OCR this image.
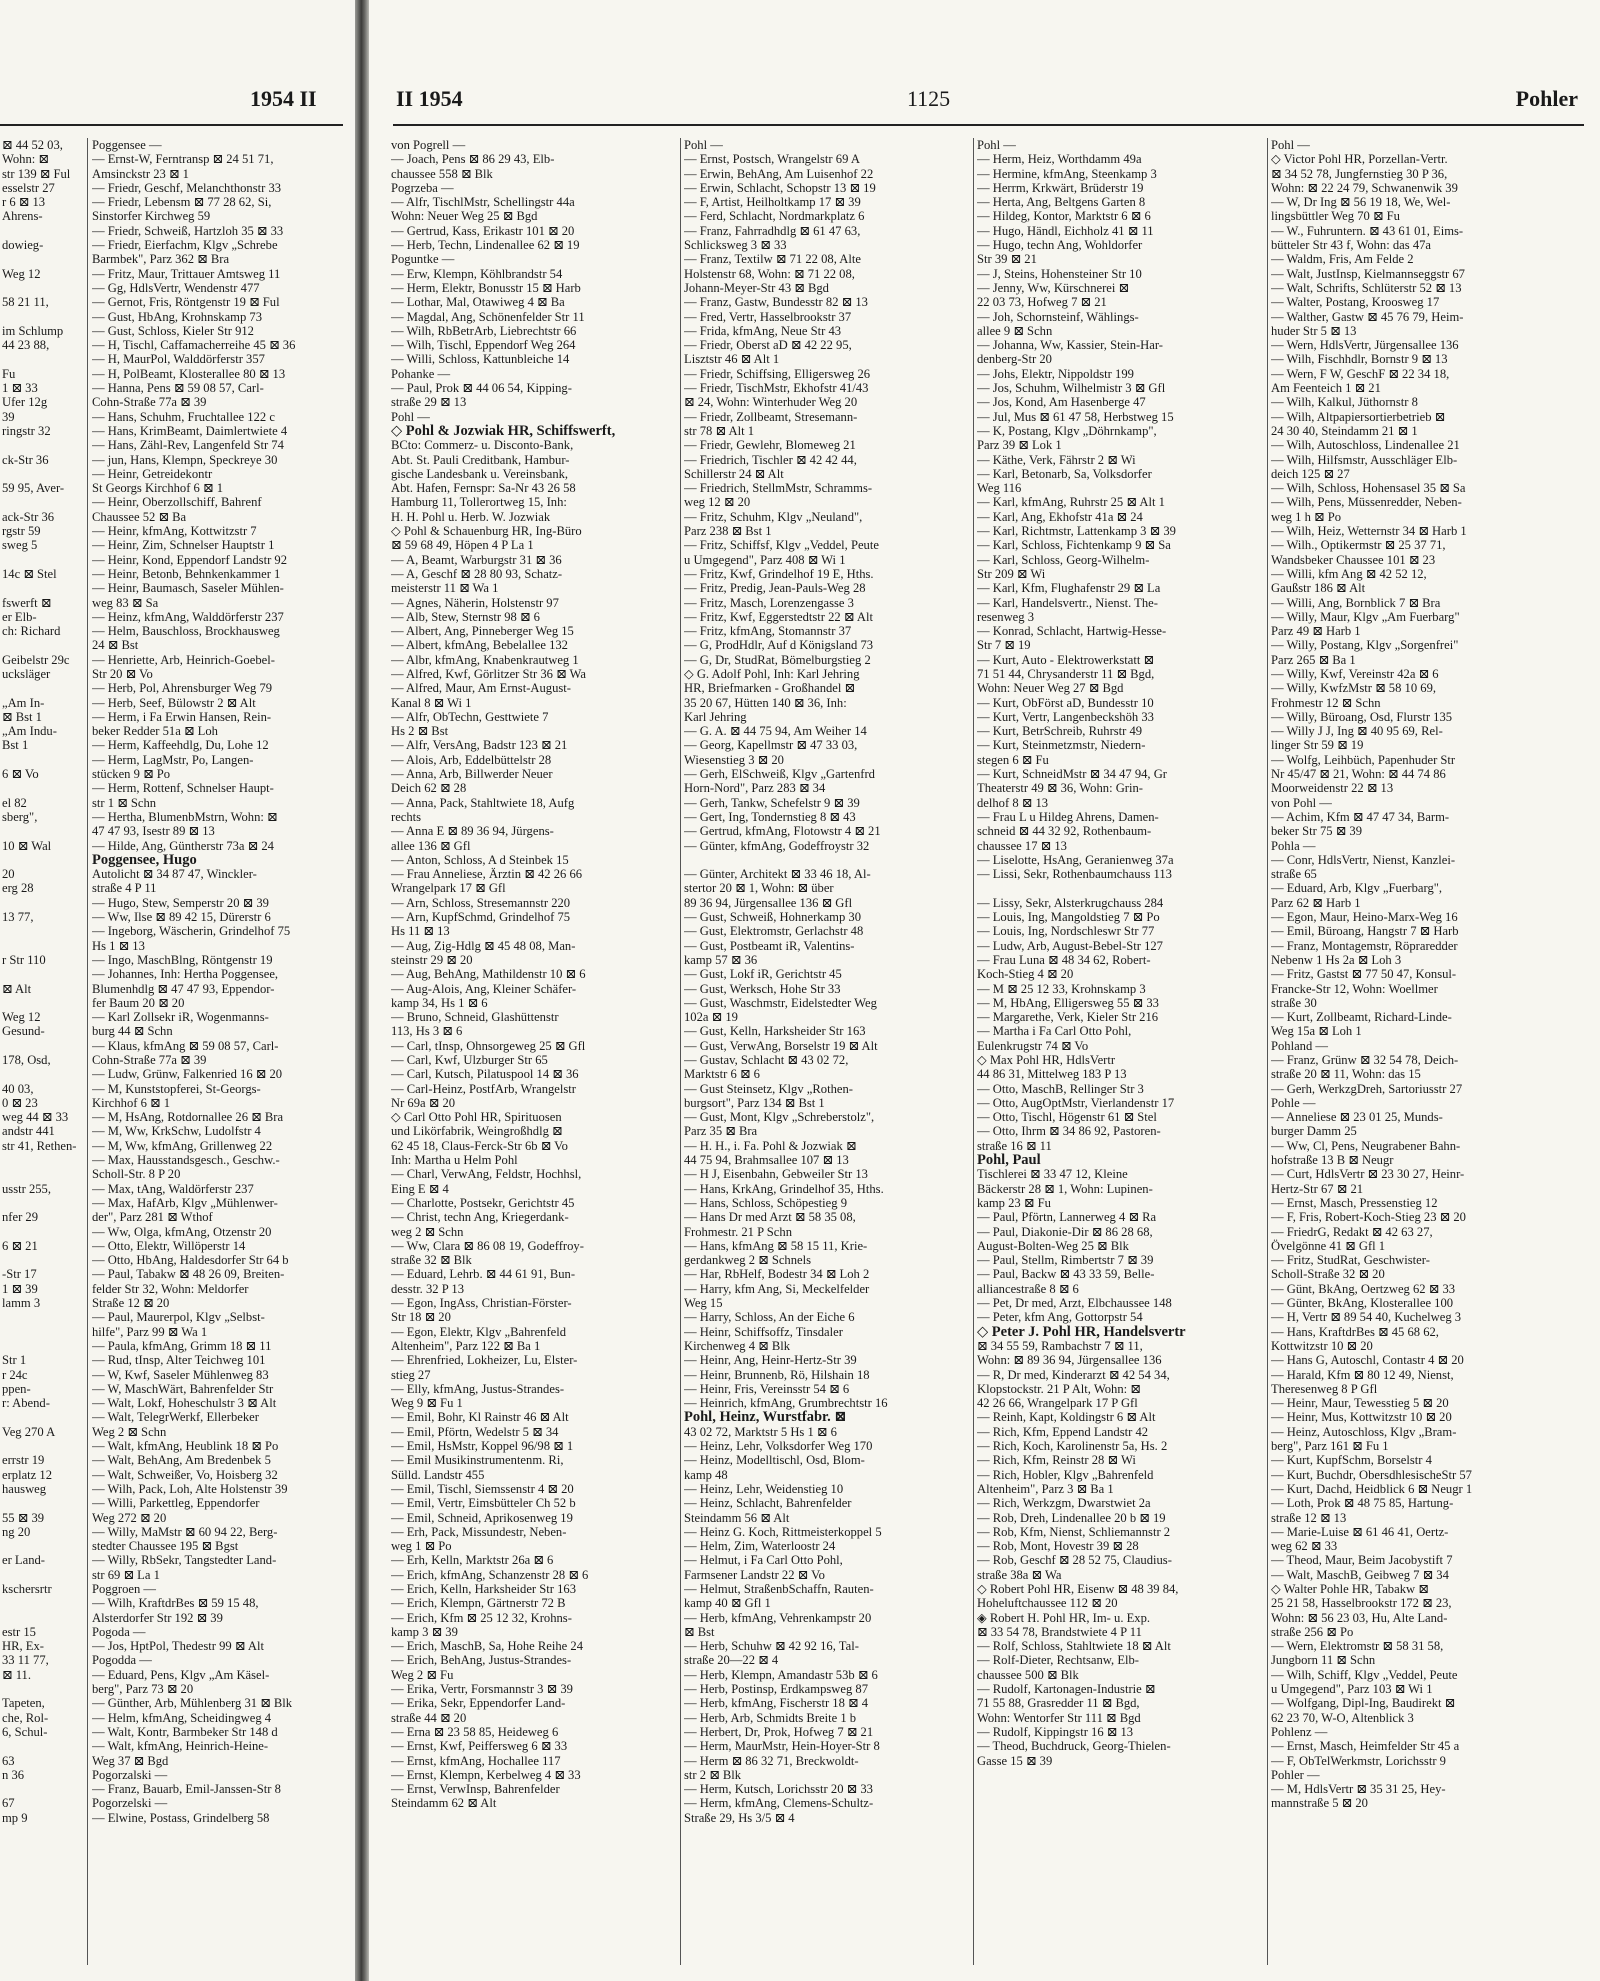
1954 II
⊠ 44 52 03,
Wohn: ⊠
str 139 ⊠ Ful
esselstr 27
r 6 ⊠ 13
Ahrens-

dowieg-

Weg 12

58 21 11,

im Schlump
44 23 88,

Fu
1 ⊠ 33
Ufer 12g
39
ringstr 32

ck-Str 36

59 95, Aver-

ack-Str 36
rgstr 59
sweg 5

14c ⊠ Stel

fswerft ⊠
er Elb-
ch: Richard

Geibelstr 29c
ucksläger

„Am In-
⊠ Bst 1
„Am Indu-
Bst 1

6 ⊠ Vo

el 82
sberg",

10 ⊠ Wal

20
erg 28

13 77,

r Str 110

⊠ Alt

Weg 12
Gesund-

178, Osd,

40 03,
0 ⊠ 23
weg 44 ⊠ 33
andstr 441
str 41, Rethen-

usstr 255,

nfer 29

6 ⊠ 21

-Str 17
1 ⊠ 39
lamm 3

Str 1
r 24c
ppen-
r: Abend-

Veg 270 A

errstr 19
erplatz 12
hausweg

55 ⊠ 39
ng 20

er Land-

kschersrtr

estr 15
HR, Ex-
33 11 77,
⊠ 11.

Tapeten,
che, Rol-
6, Schul-

63
n 36

67
mp 9
Poggensee —
— Ernst-W, Ferntransp ⊠ 24 51 71,
Amsinckstr 23 ⊠ 1
— Friedr, Geschf, Melanchthonstr 33
— Friedr, Lebensm ⊠ 77 28 62, Si,
Sinstorfer Kirchweg 59
— Friedr, Schweiß, Hartzloh 35 ⊠ 33
— Friedr, Eierfachm, Klgv „Schrebe
Barmbek", Parz 362 ⊠ Bra
— Fritz, Maur, Trittauer Amtsweg 11
— Gg, HdlsVertr, Wendenstr 477
— Gernot, Fris, Röntgenstr 19 ⊠ Ful
— Gust, HbAng, Krohnskamp 73
— Gust, Schloss, Kieler Str 912
— H, Tischl, Caffamacherreihe 45 ⊠ 36
— H, MaurPol, Walddörferstr 357
— H, PolBeamt, Klosterallee 80 ⊠ 13
— Hanna, Pens ⊠ 59 08 57, Carl-
Cohn-Straße 77a ⊠ 39
— Hans, Schuhm, Fruchtallee 122 c
— Hans, KrimBeamt, Daimlertwiete 4
— Hans, Zähl-Rev, Langenfeld Str 74
— jun, Hans, Klempn, Speckreye 30
— Heinr, Getreidekontr
St Georgs Kirchhof 6 ⊠ 1
— Heinr, Oberzollschiff, Bahrenf
Chaussee 52 ⊠ Ba
— Heinr, kfmAng, Kottwitzstr 7
— Heinr, Zim, Schnelser Hauptstr 1
— Heinr, Kond, Eppendorf Landstr 92
— Heinr, Betonb, Behnkenkammer 1
— Heinr, Baumasch, Saseler Mühlen-
weg 83 ⊠ Sa
— Heinz, kfmAng, Walddörferstr 237
— Helm, Bauschloss, Brockhausweg
24 ⊠ Bst
— Henriette, Arb, Heinrich-Goebel-
Str 20 ⊠ Vo
— Herb, Pol, Ahrensburger Weg 79
— Herb, Seef, Bülowstr 2 ⊠ Alt
— Herm, i Fa Erwin Hansen, Rein-
beker Redder 51a ⊠ Loh
— Herm, Kaffeehdlg, Du, Lohe 12
— Herm, LagMstr, Po, Langen-
stücken 9 ⊠ Po
— Herm, Rottenf, Schnelser Haupt-
str 1 ⊠ Schn
— Hertha, BlumenbMstrn, Wohn: ⊠
47 47 93, Isestr 89 ⊠ 13
— Hilde, Ang, Güntherstr 73a ⊠ 24
Poggensee, Hugo
Autolicht ⊠ 34 87 47, Winckler-
straße 4 P 11
— Hugo, Stew, Semperstr 20 ⊠ 39
— Ww, Ilse ⊠ 89 42 15, Dürerstr 6
— Ingeborg, Wäscherin, Grindelhof 75
Hs 1 ⊠ 13
— Ingo, MaschBlng, Röntgenstr 19
— Johannes, Inh: Hertha Poggensee,
Blumenhdlg ⊠ 47 47 93, Eppendor-
fer Baum 20 ⊠ 20
— Karl Zollsekr iR, Wogenmanns-
burg 44 ⊠ Schn
— Klaus, kfmAng ⊠ 59 08 57, Carl-
Cohn-Straße 77a ⊠ 39
— Ludw, Grünw, Falkenried 16 ⊠ 20
— M, Kunststopferei, St-Georgs-
Kirchhof 6 ⊠ 1
— M, HsAng, Rotdornallee 26 ⊠ Bra
— M, Ww, KrkSchw, Ludolfstr 4
— M, Ww, kfmAng, Grillenweg 22
— Max, Hausstandsgesch., Geschw.-
Scholl-Str. 8 P 20
— Max, tAng, Waldörferstr 237
— Max, HafArb, Klgv „Mühlenwer-
der", Parz 281 ⊠ Wthof
— Ww, Olga, kfmAng, Otzenstr 20
— Otto, Elektr, Willöperstr 14
— Otto, HbAng, Haldesdorfer Str 64 b
— Paul, Tabakw ⊠ 48 26 09, Breiten-
felder Str 32, Wohn: Meldorfer
Straße 12 ⊠ 20
— Paul, Maurerpol, Klgv „Selbst-
hilfe", Parz 99 ⊠ Wa 1
— Paula, kfmAng, Grimm 18 ⊠ 11
— Rud, tInsp, Alter Teichweg 101
— W, Kwf, Saseler Mühlenweg 83
— W, MaschWärt, Bahrenfelder Str
— Walt, Lokf, Hoheschulstr 3 ⊠ Alt
— Walt, TelegrWerkf, Ellerbeker
Weg 2 ⊠ Schn
— Walt, kfmAng, Heublink 18 ⊠ Po
— Walt, BehAng, Am Bredenbek 5
— Walt, Schweißer, Vo, Hoisberg 32
— Wilh, Pack, Loh, Alte Holstenstr 39
— Willi, Parkettleg, Eppendorfer
Weg 272 ⊠ 20
— Willy, MaMstr ⊠ 60 94 22, Berg-
stedter Chaussee 195 ⊠ Bgst
— Willy, RbSekr, Tangstedter Land-
str 69 ⊠ La 1
Poggroen —
— Wilh, KraftdrBes ⊠ 59 15 48,
Alsterdorfer Str 192 ⊠ 39
Pogoda —
— Jos, HptPol, Thedestr 99 ⊠ Alt
Pogodda —
— Eduard, Pens, Klgv „Am Käsel-
berg", Parz 73 ⊠ 20
— Günther, Arb, Mühlenberg 31 ⊠ Blk
— Helm, kfmAng, Scheidingweg 4
— Walt, Kontr, Barmbeker Str 148 d
— Walt, kfmAng, Heinrich-Heine-
Weg 37 ⊠ Bgd
Pogorzalski —
— Franz, Bauarb, Emil-Janssen-Str 8
Pogorzelski —
— Elwine, Postass, Grindelberg 58
II 1954	1125	Pohler
von Pogrell —
— Joach, Pens ⊠ 86 29 43, Elb-
chaussee 558 ⊠ Blk
Pogrzeba —
— Alfr, TischlMstr, Schellingstr 44a
Wohn: Neuer Weg 25 ⊠ Bgd
— Gertrud, Kass, Erikastr 101 ⊠ 20
— Herb, Techn, Lindenallee 62 ⊠ 19
Poguntke —
— Erw, Klempn, Köhlbrandstr 54
— Herm, Elektr, Bonusstr 15 ⊠ Harb
— Lothar, Mal, Otawiweg 4 ⊠ Ba
— Magdal, Ang, Schönenfelder Str 11
— Wilh, RbBetrArb, Liebrechtstr 66
— Wilh, Tischl, Eppendorf Weg 264
— Willi, Schloss, Kattunbleiche 14
Pohanke —
— Paul, Prok ⊠ 44 06 54, Kipping-
straße 29 ⊠ 13
Pohl —
◇ Pohl & Jozwiak HR, Schiffswerft,
BCto: Commerz- u. Disconto-Bank,
Abt. St. Pauli Creditbank, Hambur-
gische Landesbank u. Vereinsbank,
Abt. Hafen, Fernspr: Sa-Nr 43 26 58
Hamburg 11, Tollerortweg 15, Inh:
H. H. Pohl u. Herb. W. Jozwiak
◇ Pohl & Schauenburg HR, Ing-Büro
⊠ 59 68 49, Höpen 4 P La 1
— A, Beamt, Warburgstr 31 ⊠ 36
— A, Geschf ⊠ 28 80 93, Schatz-
meisterstr 11 ⊠ Wa 1
— Agnes, Näherin, Holstenstr 97
— Alb, Stew, Sternstr 98 ⊠ 6
— Albert, Ang, Pinneberger Weg 15
— Albert, kfmAng, Bebelallee 132
— Albr, kfmAng, Knabenkrautweg 1
— Alfred, Kwf, Görlitzer Str 36 ⊠ Wa
— Alfred, Maur, Am Ernst-August-
Kanal 8 ⊠ Wi 1
— Alfr, ObTechn, Gesttwiete 7
Hs 2 ⊠ Bst
— Alfr, VersAng, Badstr 123 ⊠ 21
— Alois, Arb, Eddelbüttelstr 28
— Anna, Arb, Billwerder Neuer
Deich 62 ⊠ 28
— Anna, Pack, Stahltwiete 18, Aufg
rechts
— Anna E ⊠ 89 36 94, Jürgens-
allee 136 ⊠ Gfl
— Anton, Schloss, A d Steinbek 15
— Frau Anneliese, Ärztin ⊠ 42 26 66
Wrangelpark 17 ⊠ Gfl
— Arn, Schloss, Stresemannstr 220
— Arn, KupfSchmd, Grindelhof 75
Hs 11 ⊠ 13
— Aug, Zig-Hdlg ⊠ 45 48 08, Man-
steinstr 29 ⊠ 20
— Aug, BehAng, Mathildenstr 10 ⊠ 6
— Aug-Alois, Ang, Kleiner Schäfer-
kamp 34, Hs 1 ⊠ 6
— Bruno, Schneid, Glashüttenstr
113, Hs 3 ⊠ 6
— Carl, tInsp, Ohnsorgeweg 25 ⊠ Gfl
— Carl, Kwf, Ulzburger Str 65
— Carl, Kutsch, Pilatuspool 14 ⊠ 36
— Carl-Heinz, PostfArb, Wrangelstr
Nr 69a ⊠ 20
◇ Carl Otto Pohl HR, Spirituosen
und Likörfabrik, Weingroßhdlg ⊠
62 45 18, Claus-Ferck-Str 6b ⊠ Vo
Inh: Martha u Helm Pohl
— Charl, VerwAng, Feldstr, Hochhsl,
Eing E ⊠ 4
— Charlotte, Postsekr, Gerichtstr 45
— Christ, techn Ang, Kriegerdank-
weg 2 ⊠ Schn
— Ww, Clara ⊠ 86 08 19, Godeffroy-
straße 32 ⊠ Blk
— Eduard, Lehrb. ⊠ 44 61 91, Bun-
desstr. 32 P 13
— Egon, IngAss, Christian-Förster-
Str 18 ⊠ 20
— Egon, Elektr, Klgv „Bahrenfeld
Altenheim", Parz 122 ⊠ Ba 1
— Ehrenfried, Lokheizer, Lu, Elster-
stieg 27
— Elly, kfmAng, Justus-Strandes-
Weg 9 ⊠ Fu 1
— Emil, Bohr, Kl Rainstr 46 ⊠ Alt
— Emil, Pförtn, Wedelstr 5 ⊠ 34
— Emil, HsMstr, Koppel 96/98 ⊠ 1
— Emil Musikinstrumentenm. Ri,
Sülld. Landstr 455
— Emil, Tischl, Siemssenstr 4 ⊠ 20
— Emil, Vertr, Eimsbütteler Ch 52 b
— Emil, Schneid, Aprikosenweg 19
— Erh, Pack, Missundestr, Neben-
weg 1 ⊠ Po
— Erh, Kelln, Marktstr 26a ⊠ 6
— Erich, kfmAng, Schanzenstr 28 ⊠ 6
— Erich, Kelln, Harksheider Str 163
— Erich, Klempn, Gärtnerstr 72 B
— Erich, Kfm ⊠ 25 12 32, Krohns-
kamp 3 ⊠ 39
— Erich, MaschB, Sa, Hohe Reihe 24
— Erich, BehAng, Justus-Strandes-
Weg 2 ⊠ Fu
— Erika, Vertr, Forsmannstr 3 ⊠ 39
— Erika, Sekr, Eppendorfer Land-
straße 44 ⊠ 20
— Erna ⊠ 23 58 85, Heideweg 6
— Ernst, Kwf, Peiffersweg 6 ⊠ 33
— Ernst, kfmAng, Hochallee 117
— Ernst, Klempn, Kerbelweg 4 ⊠ 33
— Ernst, VerwInsp, Bahrenfelder
Steindamm 62 ⊠ Alt
Pohl —
— Ernst, Postsch, Wrangelstr 69 A
— Erwin, BehAng, Am Luisenhof 22
— Erwin, Schlacht, Schopstr 13 ⊠ 19
— F, Artist, Heilholtkamp 17 ⊠ 39
— Ferd, Schlacht, Nordmarkplatz 6
— Franz, Fahrradhdlg ⊠ 61 47 63,
Schlicksweg 3 ⊠ 33
— Franz, Textilw ⊠ 71 22 08, Alte
Holstenstr 68, Wohn: ⊠ 71 22 08,
Johann-Meyer-Str 43 ⊠ Bgd
— Franz, Gastw, Bundesstr 82 ⊠ 13
— Fred, Vertr, Hasselbrookstr 37
— Frida, kfmAng, Neue Str 43
— Friedr, Oberst aD ⊠ 42 22 95,
Lisztstr 46 ⊠ Alt 1
— Friedr, Schiffsing, Elligersweg 26
— Friedr, TischMstr, Ekhofstr 41/43
⊠ 24, Wohn: Winterhuder Weg 20
— Friedr, Zollbeamt, Stresemann-
str 78 ⊠ Alt 1
— Friedr, Gewlehr, Blomeweg 21
— Friedrich, Tischler ⊠ 42 42 44,
Schillerstr 24 ⊠ Alt
— Friedrich, StellmMstr, Schramms-
weg 12 ⊠ 20
— Fritz, Schuhm, Klgv „Neuland",
Parz 238 ⊠ Bst 1
— Fritz, Schiffsf, Klgv „Veddel, Peute
u Umgegend", Parz 408 ⊠ Wi 1
— Fritz, Kwf, Grindelhof 19 E, Hths.
— Fritz, Predig, Jean-Pauls-Weg 28
— Fritz, Masch, Lorenzengasse 3
— Fritz, Kwf, Eggerstedtstr 22 ⊠ Alt
— Fritz, kfmAng, Stomannstr 37
— G, ProdHdlr, Auf d Königsland 73
— G, Dr, StudRat, Bömelburgstieg 2
◇ G. Adolf Pohl, Inh: Karl Jehring
HR, Briefmarken - Großhandel ⊠
35 20 67, Hütten 140 ⊠ 36, Inh:
Karl Jehring
— G. A. ⊠ 44 75 94, Am Weiher 14
— Georg, Kapellmstr ⊠ 47 33 03,
Wiesenstieg 3 ⊠ 20
— Gerh, ElSchweiß, Klgv „Gartenfrd
Horn-Nord", Parz 283 ⊠ 34
— Gerh, Tankw, Schefelstr 9 ⊠ 39
— Gert, Ing, Tondernstieg 8 ⊠ 43
— Gertrud, kfmAng, Flotowstr 4 ⊠ 21
— Günter, kfmAng, Godeffroystr 32

— Günter, Architekt ⊠ 33 46 18, Al-
stertor 20 ⊠ 1, Wohn: ⊠ über
89 36 94, Jürgensallee 136 ⊠ Gfl
— Gust, Schweiß, Hohnerkamp 30
— Gust, Elektromstr, Gerlachstr 48
— Gust, Postbeamt iR, Valentins-
kamp 57 ⊠ 36
— Gust, Lokf iR, Gerichtstr 45
— Gust, Werksch, Hohe Str 33
— Gust, Waschmstr, Eidelstedter Weg
102a ⊠ 19
— Gust, Kelln, Harksheider Str 163
— Gust, VerwAng, Borselstr 19 ⊠ Alt
— Gustav, Schlacht ⊠ 43 02 72,
Marktstr 6 ⊠ 6
— Gust Steinsetz, Klgv „Rothen-
burgsort", Parz 134 ⊠ Bst 1
— Gust, Mont, Klgv „Schreberstolz",
Parz 35 ⊠ Bra
— H. H., i. Fa. Pohl & Jozwiak ⊠
44 75 94, Brahmsallee 107 ⊠ 13
— H J, Eisenbahn, Gebweiler Str 13
— Hans, KrkAng, Grindelhof 35, Hths.
— Hans, Schloss, Schöpestieg 9
— Hans Dr med Arzt ⊠ 58 35 08,
Frohmestr. 21 P Schn
— Hans, kfmAng ⊠ 58 15 11, Krie-
gerdankweg 2 ⊠ Schnels
— Har, RbHelf, Bodestr 34 ⊠ Loh 2
— Harry, kfm Ang, Si, Meckelfelder
Weg 15
— Harry, Schloss, An der Eiche 6
— Heinr, Schiffsoffz, Tinsdaler
Kirchenweg 4 ⊠ Blk
— Heinr, Ang, Heinr-Hertz-Str 39
— Heinr, Brunnenb, Rö, Hilshain 18
— Heinr, Fris, Vereinsstr 54 ⊠ 6
— Heinrich, kfmAng, Grumbrechtstr 16
Pohl, Heinz, Wurstfabr. ⊠
43 02 72, Marktstr 5 Hs 1 ⊠ 6
— Heinz, Lehr, Volksdorfer Weg 170
— Heinz, Modelltischl, Osd, Blom-
kamp 48
— Heinz, Lehr, Weidenstieg 10
— Heinz, Schlacht, Bahrenfelder
Steindamm 56 ⊠ Alt
— Heinz G. Koch, Rittmeisterkoppel 5
— Helm, Zim, Waterloostr 24
— Helmut, i Fa Carl Otto Pohl,
Farmsener Landstr 22 ⊠ Vo
— Helmut, StraßenbSchaffn, Rauten-
kamp 40 ⊠ Gfl 1
— Herb, kfmAng, Vehrenkampstr 20
⊠ Bst
— Herb, Schuhw ⊠ 42 92 16, Tal-
straße 20—22 ⊠ 4
— Herb, Klempn, Amandastr 53b ⊠ 6
— Herb, Postinsp, Erdkampsweg 87
— Herb, kfmAng, Fischerstr 18 ⊠ 4
— Herb, Arb, Schmidts Breite 1 b
— Herbert, Dr, Prok, Hofweg 7 ⊠ 21
— Herm, MaurMstr, Hein-Hoyer-Str 8
— Herm ⊠ 86 32 71, Breckwoldt-
str 2 ⊠ Blk
— Herm, Kutsch, Lorichsstr 20 ⊠ 33
— Herm, kfmAng, Clemens-Schultz-
Straße 29, Hs 3/5 ⊠ 4
Pohl —
— Herm, Heiz, Worthdamm 49a
— Hermine, kfmAng, Steenkamp 3
— Herrm, Krkwärt, Brüderstr 19
— Herta, Ang, Beltgens Garten 8
— Hildeg, Kontor, Marktstr 6 ⊠ 6
— Hugo, Händl, Eichholz 41 ⊠ 11
— Hugo, techn Ang, Wohldorfer
Str 39 ⊠ 21
— J, Steins, Hohensteiner Str 10
— Jenny, Ww, Kürschnerei ⊠
22 03 73, Hofweg 7 ⊠ 21
— Joh, Schornsteinf, Wählings-
allee 9 ⊠ Schn
— Johanna, Ww, Kassier, Stein-Har-
denberg-Str 20
— Johs, Elektr, Nippoldstr 199
— Jos, Schuhm, Wilhelmistr 3 ⊠ Gfl
— Jos, Kond, Am Hasenberge 47
— Jul, Mus ⊠ 61 47 58, Herbstweg 15
— K, Postang, Klgv „Döhrnkamp",
Parz 39 ⊠ Lok 1
— Käthe, Verk, Fährstr 2 ⊠ Wi
— Karl, Betonarb, Sa, Volksdorfer
Weg 116
— Karl, kfmAng, Ruhrstr 25 ⊠ Alt 1
— Karl, Ang, Ekhofstr 41a ⊠ 24
— Karl, Richtmstr, Lattenkamp 3 ⊠ 39
— Karl, Schloss, Fichtenkamp 9 ⊠ Sa
— Karl, Schloss, Georg-Wilhelm-
Str 209 ⊠ Wi
— Karl, Kfm, Flughafenstr 29 ⊠ La
— Karl, Handelsvertr., Nienst. The-
resenweg 3
— Konrad, Schlacht, Hartwig-Hesse-
Str 7 ⊠ 19
— Kurt, Auto - Elektrowerkstatt ⊠
71 51 44, Chrysanderstr 11 ⊠ Bgd,
Wohn: Neuer Weg 27 ⊠ Bgd
— Kurt, ObFörst aD, Bundesstr 10
— Kurt, Vertr, Langenbeckshöh 33
— Kurt, BetrSchreib, Ruhrstr 49
— Kurt, Steinmetzmstr, Niedern-
stegen 6 ⊠ Fu
— Kurt, SchneidMstr ⊠ 34 47 94, Gr
Theaterstr 49 ⊠ 36, Wohn: Grin-
delhof 8 ⊠ 13
— Frau L u Hildeg Ahrens, Damen-
schneid ⊠ 44 32 92, Rothenbaum-
chaussee 17 ⊠ 13
— Liselotte, HsAng, Geranienweg 37a
— Lissi, Sekr, Rothenbaumchauss 113

— Lissy, Sekr, Alsterkrugchauss 284
— Louis, Ing, Mangoldstieg 7 ⊠ Po
— Louis, Ing, Nordschleswr Str 77
— Ludw, Arb, August-Bebel-Str 127
— Frau Luna ⊠ 48 34 62, Robert-
Koch-Stieg 4 ⊠ 20
— M ⊠ 25 12 33, Krohnskamp 3
— M, HbAng, Elligersweg 55 ⊠ 33
— Margarethe, Verk, Kieler Str 216
— Martha i Fa Carl Otto Pohl,
Eulenkrugstr 74 ⊠ Vo
◇ Max Pohl HR, HdlsVertr
44 86 31, Mittelweg 183 P 13
— Otto, MaschB, Rellinger Str 3
— Otto, AugOptMstr, Vierlandenstr 17
— Otto, Tischl, Högenstr 61 ⊠ Stel
— Otto, Ihrm ⊠ 34 86 92, Pastoren-
straße 16 ⊠ 11
Pohl, Paul
Tischlerei ⊠ 33 47 12, Kleine
Bäckerstr 28 ⊠ 1, Wohn: Lupinen-
kamp 23 ⊠ Fu
— Paul, Pförtn, Lannerweg 4 ⊠ Ra
— Paul, Diakonie-Dir ⊠ 86 28 68,
August-Bolten-Weg 25 ⊠ Blk
— Paul, Stellm, Rimbertstr 7 ⊠ 39
— Paul, Backw ⊠ 43 33 59, Belle-
alliancestraße 8 ⊠ 6
— Pet, Dr med, Arzt, Elbchaussee 148
— Peter, kfm Ang, Gottorpstr 54
◇ Peter J. Pohl HR, Handelsvertr
⊠ 34 55 59, Rambachstr 7 ⊠ 11,
Wohn: ⊠ 89 36 94, Jürgensallee 136
— R, Dr med, Kinderarzt ⊠ 42 54 34,
Klopstockstr. 21 P Alt, Wohn: ⊠
42 26 66, Wrangelpark 17 P Gfl
— Reinh, Kapt, Koldingstr 6 ⊠ Alt
— Rich, Kfm, Eppend Landstr 42
— Rich, Koch, Karolinenstr 5a, Hs. 2
— Rich, Kfm, Reinstr 28 ⊠ Wi
— Rich, Hobler, Klgv „Bahrenfeld
Altenheim", Parz 3 ⊠ Ba 1
— Rich, Werkzgm, Dwarstwiet 2a
— Rob, Dreh, Lindenallee 20 b ⊠ 19
— Rob, Kfm, Nienst, Schliemannstr 2
— Rob, Mont, Hovestr 39 ⊠ 28
— Rob, Geschf ⊠ 28 52 75, Claudius-
straße 38a ⊠ Wa
◇ Robert Pohl HR, Eisenw ⊠ 48 39 84,
Hoheluftchaussee 112 ⊠ 20
◈ Robert H. Pohl HR, Im- u. Exp.
⊠ 33 54 78, Brandstwiete 4 P 11
— Rolf, Schloss, Stahltwiete 18 ⊠ Alt
— Rolf-Dieter, Rechtsanw, Elb-
chaussee 500 ⊠ Blk
— Rudolf, Kartonagen-Industrie ⊠
71 55 88, Grasredder 11 ⊠ Bgd,
Wohn: Wentorfer Str 111 ⊠ Bgd
— Rudolf, Kippingstr 16 ⊠ 13
— Theod, Buchdruck, Georg-Thielen-
Gasse 15 ⊠ 39
Pohl —
◇ Victor Pohl HR, Porzellan-Vertr.
⊠ 34 52 78, Jungfernstieg 30 P 36,
Wohn: ⊠ 22 24 79, Schwanenwik 39
— W, Dr Ing ⊠ 56 19 18, We, Wel-
lingsbüttler Weg 70 ⊠ Fu
— W., Fuhruntern. ⊠ 43 61 01, Eims-
bütteler Str 43 f, Wohn: das 47a
— Waldm, Fris, Am Felde 2
— Walt, JustInsp, Kielmannseggstr 67
— Walt, Schrifts, Schlüterstr 52 ⊠ 13
— Walter, Postang, Kroosweg 17
— Walther, Gastw ⊠ 45 76 79, Heim-
huder Str 5 ⊠ 13
— Wern, HdlsVertr, Jürgensallee 136
— Wilh, Fischhdlr, Bornstr 9 ⊠ 13
— Wern, F W, GeschF ⊠ 22 34 18,
Am Feenteich 1 ⊠ 21
— Wilh, Kalkul, Jüthornstr 8
— Wilh, Altpapiersortierbetrieb ⊠
24 30 40, Steindamm 21 ⊠ 1
— Wilh, Autoschloss, Lindenallee 21
— Wilh, Hilfsmstr, Ausschläger Elb-
deich 125 ⊠ 27
— Wilh, Schloss, Hohensasel 35 ⊠ Sa
— Wilh, Pens, Müssenredder, Neben-
weg 1 h ⊠ Po
— Wilh, Heiz, Wetternstr 34 ⊠ Harb 1
— Wilh., Optikermstr ⊠ 25 37 71,
Wandsbeker Chaussee 101 ⊠ 23
— Willi, kfm Ang ⊠ 42 52 12,
Gaußstr 186 ⊠ Alt
— Willi, Ang, Bornblick 7 ⊠ Bra
— Willy, Maur, Klgv „Am Fuerbarg"
Parz 49 ⊠ Harb 1
— Willy, Postang, Klgv „Sorgenfrei"
Parz 265 ⊠ Ba 1
— Willy, Kwf, Vereinstr 42a ⊠ 6
— Willy, KwfzMstr ⊠ 58 10 69,
Frohmestr 12 ⊠ Schn
— Willy, Büroang, Osd, Flurstr 135
— Willy J J, Ing ⊠ 40 95 69, Rel-
linger Str 59 ⊠ 19
— Wolfg, Leihbüch, Papenhuder Str
Nr 45/47 ⊠ 21, Wohn: ⊠ 44 74 86
Moorweidenstr 22 ⊠ 13
von Pohl —
— Achim, Kfm ⊠ 47 47 34, Barm-
beker Str 75 ⊠ 39
Pohla —
— Conr, HdlsVertr, Nienst, Kanzlei-
straße 65
— Eduard, Arb, Klgv „Fuerbarg",
Parz 62 ⊠ Harb 1
— Egon, Maur, Heino-Marx-Weg 16
— Emil, Büroang, Hangstr 7 ⊠ Harb
— Franz, Montagemstr, Röpraredder
Nebenw 1 Hs 2a ⊠ Loh 3
— Fritz, Gastst ⊠ 77 50 47, Konsul-
Francke-Str 12, Wohn: Woellmer
straße 30
— Kurt, Zollbeamt, Richard-Linde-
Weg 15a ⊠ Loh 1
Pohland —
— Franz, Grünw ⊠ 32 54 78, Deich-
straße 20 ⊠ 11, Wohn: das 15
— Gerh, WerkzgDreh, Sartoriusstr 27
Pohle —
— Anneliese ⊠ 23 01 25, Munds-
burger Damm 25
— Ww, Cl, Pens, Neugrabener Bahn-
hofstraße 13 B ⊠ Neugr
— Curt, HdlsVertr ⊠ 23 30 27, Heinr-
Hertz-Str 67 ⊠ 21
— Ernst, Masch, Pressenstieg 12
— F, Fris, Robert-Koch-Stieg 23 ⊠ 20
— FriedrG, Redakt ⊠ 42 63 27,
Övelgönne 41 ⊠ Gfl 1
— Fritz, StudRat, Geschwister-
Scholl-Straße 32 ⊠ 20
— Günt, BkAng, Oertzweg 62 ⊠ 33
— Günter, BkAng, Klosterallee 100
— H, Vertr ⊠ 89 54 40, Kuchelweg 3
— Hans, KraftdrBes ⊠ 45 68 62,
Kottwitzstr 10 ⊠ 20
— Hans G, Autoschl, Contastr 4 ⊠ 20
— Harald, Kfm ⊠ 80 12 49, Nienst,
Theresenweg 8 P Gfl
— Heinr, Maur, Tewesstieg 5 ⊠ 20
— Heinr, Mus, Kottwitzstr 10 ⊠ 20
— Heinz, Autoschloss, Klgv „Bram-
berg", Parz 161 ⊠ Fu 1
— Kurt, KupfSchm, Borselstr 4
— Kurt, Buchdr, ObersdhlesischeStr 57
— Kurt, Dachd, Heidblick 6 ⊠ Neugr 1
— Loth, Prok ⊠ 48 75 85, Hartung-
straße 12 ⊠ 13
— Marie-Luise ⊠ 61 46 41, Oertz-
weg 62 ⊠ 33
— Theod, Maur, Beim Jacobystift 7
— Walt, MaschB, Geibweg 7 ⊠ 34
◇ Walter Pohle HR, Tabakw ⊠
25 21 58, Hasselbrookstr 172 ⊠ 23,
Wohn: ⊠ 56 23 03, Hu, Alte Land-
straße 256 ⊠ Po
— Wern, Elektromstr ⊠ 58 31 58,
Jungborn 11 ⊠ Schn
— Wilh, Schiff, Klgv „Veddel, Peute
u Umgegend", Parz 103 ⊠ Wi 1
— Wolfgang, Dipl-Ing, Baudirekt ⊠
62 23 70, W-O, Altenblick 3
Pohlenz —
— Ernst, Masch, Heimfelder Str 45 a
— F, ObTelWerkmstr, Lorichsstr 9
Pohler —
— M, HdlsVertr ⊠ 35 31 25, Hey-
mannstraße 5 ⊠ 20
